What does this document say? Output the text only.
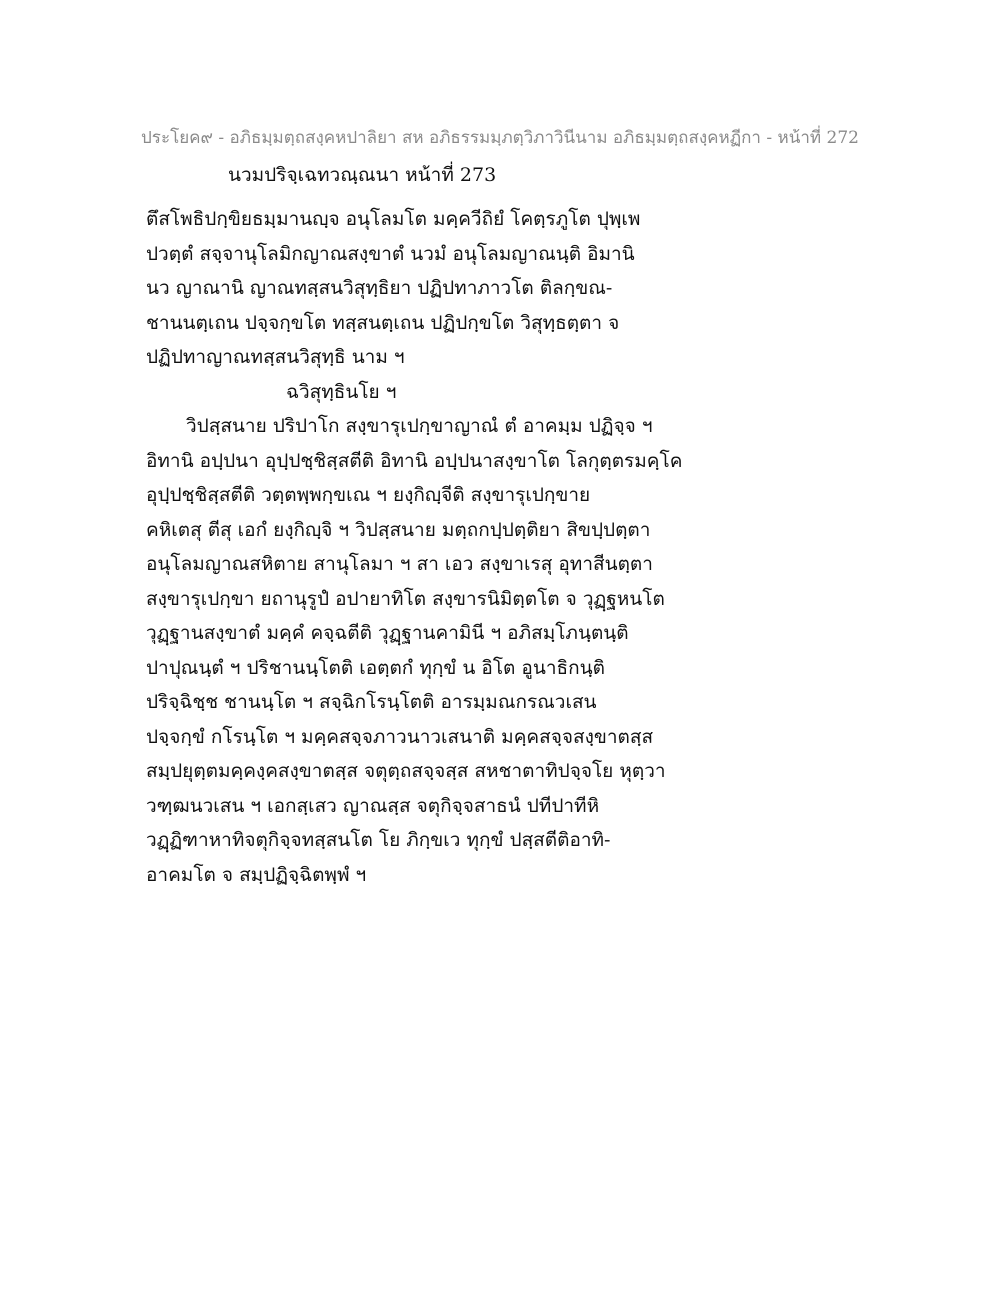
ประโยค๙ - อภิธมฺมตฺถสงฺคหปาลิยา สห อภิธรรมมฺภตฺวิภาวินีนาม อภิธมฺมตฺถสงฺคหฏีกา - หน้าที่ 272
นวมปริจฺเฉทวณฺณนา หน้าที่ 273
ตึสโพธิปกฺขิยธมฺมานญฺจ อนุโลมโต มคฺควีถิยํ โคตฺรภูโต ปุพฺเพ
ปวตฺตํ สจฺจานุโลมิกญาณสงฺขาตํ นวมํ อนุโลมญาณนฺติ อิมานิ
นว ญาณานิ ญาณทสฺสนวิสุทฺธิยา ปฏิปทาภาวโต ติลกฺขณ-
ชานนตฺเถน ปจฺจกฺขโต ทสฺสนตฺเถน ปฏิปกฺขโต วิสุทฺธตฺตา จ
ปฏิปทาญาณทสฺสนวิสุทฺธิ นาม ฯ
ฉวิสุทฺธินโย ฯ
วิปสฺสนาย ปริปาโก สงฺขารุเปกฺขาญาณํ ตํ อาคมฺม ปฏิจฺจ ฯ
อิทานิ อปฺปนา อุปฺปชฺชิสฺสตีติ อิทานิ อปฺปนาสงฺขาโต โลกุตฺตรมคฺโค
อุปฺปชฺชิสฺสตีติ วตฺตพฺพกฺขเณ ฯ ยงฺกิญฺจีติ สงฺขารุเปกฺขาย
คหิเตสุ ตีสุ เอกํ ยงฺกิญฺจิ ฯ วิปสฺสนาย มตฺถกปฺปตฺติยา สิขปฺปตฺตา
อนุโลมญาณสหิตาย สานุโลมา ฯ สา เอว สงฺขาเรสุ อุทาสีนตฺตา
สงฺขารุเปกฺขา ยถานุรูปํ อปายาทิโต สงฺขารนิมิตฺตโต จ วุฏฺฐหนโต
วุฏฺฐานสงฺขาตํ มคฺคํ คจฺฉตีติ วุฏฺฐานคามินี ฯ อภิสมฺโภนฺตนฺติ
ปาปุณนฺตํ ฯ ปริชานนฺโตติ เอตฺตกํ ทุกฺขํ น อิโต อูนาธิกนฺติ
ปริจฺฉิชฺช ชานนฺโต ฯ สจฺฉิกโรนฺโตติ อารมฺมณกรณวเสน
ปจฺจกฺขํ กโรนฺโต ฯ มคฺคสจฺจภาวนาวเสนาติ มคฺคสจฺจสงฺขาตสฺส
สมฺปยุตฺตมคฺคงฺคสงฺขาตสฺส จตุตฺถสจฺจสฺส สหชาตาทิปจฺจโย หุตฺวา
วฑฺฒนวเสน ฯ เอกสฺเสว ญาณสฺส จตุกิจฺจสาธนํ ปทีปาทีหิ
วฏฺฏิฑาหาทิจตุกิจฺจทสฺสนโต โย ภิกฺขเว ทุกฺขํ ปสฺสตีติอาทิ-
อาคมโต จ สมฺปฏิจฺฉิตพฺพํ ฯ
